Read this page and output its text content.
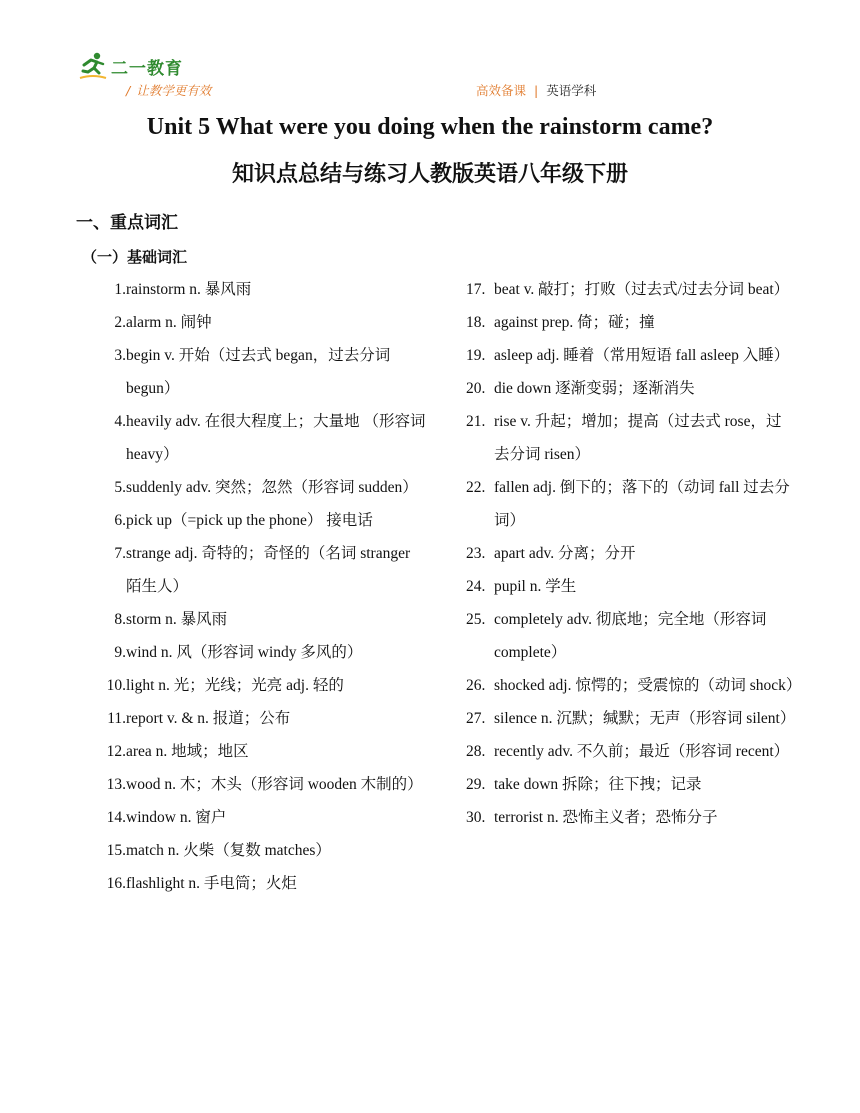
二一教育
/ 让教学更有效	高效备课 | 英语学科
Unit 5 What were you doing when the rainstorm came?
知识点总结与练习人教版英语八年级下册
一、重点词汇
（一）基础词汇
1. rainstorm n. 暴风雨
2. alarm n. 闹钟
3. begin v. 开始（过去式 began，过去分词 begun）
4. heavily adv. 在很大程度上；大量地 （形容词 heavy）
5. suddenly adv. 突然；忽然（形容词 sudden）
6. pick up（=pick up the phone） 接电话
7. strange adj. 奇特的；奇怪的（名词 stranger 陌生人）
8. storm n. 暴风雨
9. wind n. 风（形容词 windy 多风的）
10. light n. 光；光线；光亮 adj. 轻的
11. report v. & n. 报道；公布
12. area n. 地域；地区
13. wood n. 木；木头（形容词 wooden 木制的）
14. window n. 窗户
15. match n. 火柴（复数 matches）
16. flashlight n. 手电筒；火炬
17. beat v. 敲打；打败（过去式/过去分词 beat）
18. against prep. 倚；碰；撞
19. asleep adj. 睡着（常用短语 fall asleep 入睡）
20. die down 逐渐变弱；逐渐消失
21. rise v. 升起；增加；提高（过去式 rose，过去分词 risen）
22. fallen adj. 倒下的；落下的（动词 fall 过去分词）
23. apart adv. 分离；分开
24. pupil n. 学生
25. completely adv. 彻底地；完全地（形容词 complete）
26. shocked adj. 惊愕的；受震惊的（动词 shock）
27. silence n. 沉默；缄默；无声（形容词 silent）
28. recently adv. 不久前；最近（形容词 recent）
29. take down 拆除；往下拽；记录
30. terrorist n. 恐怖主义者；恐怖分子
